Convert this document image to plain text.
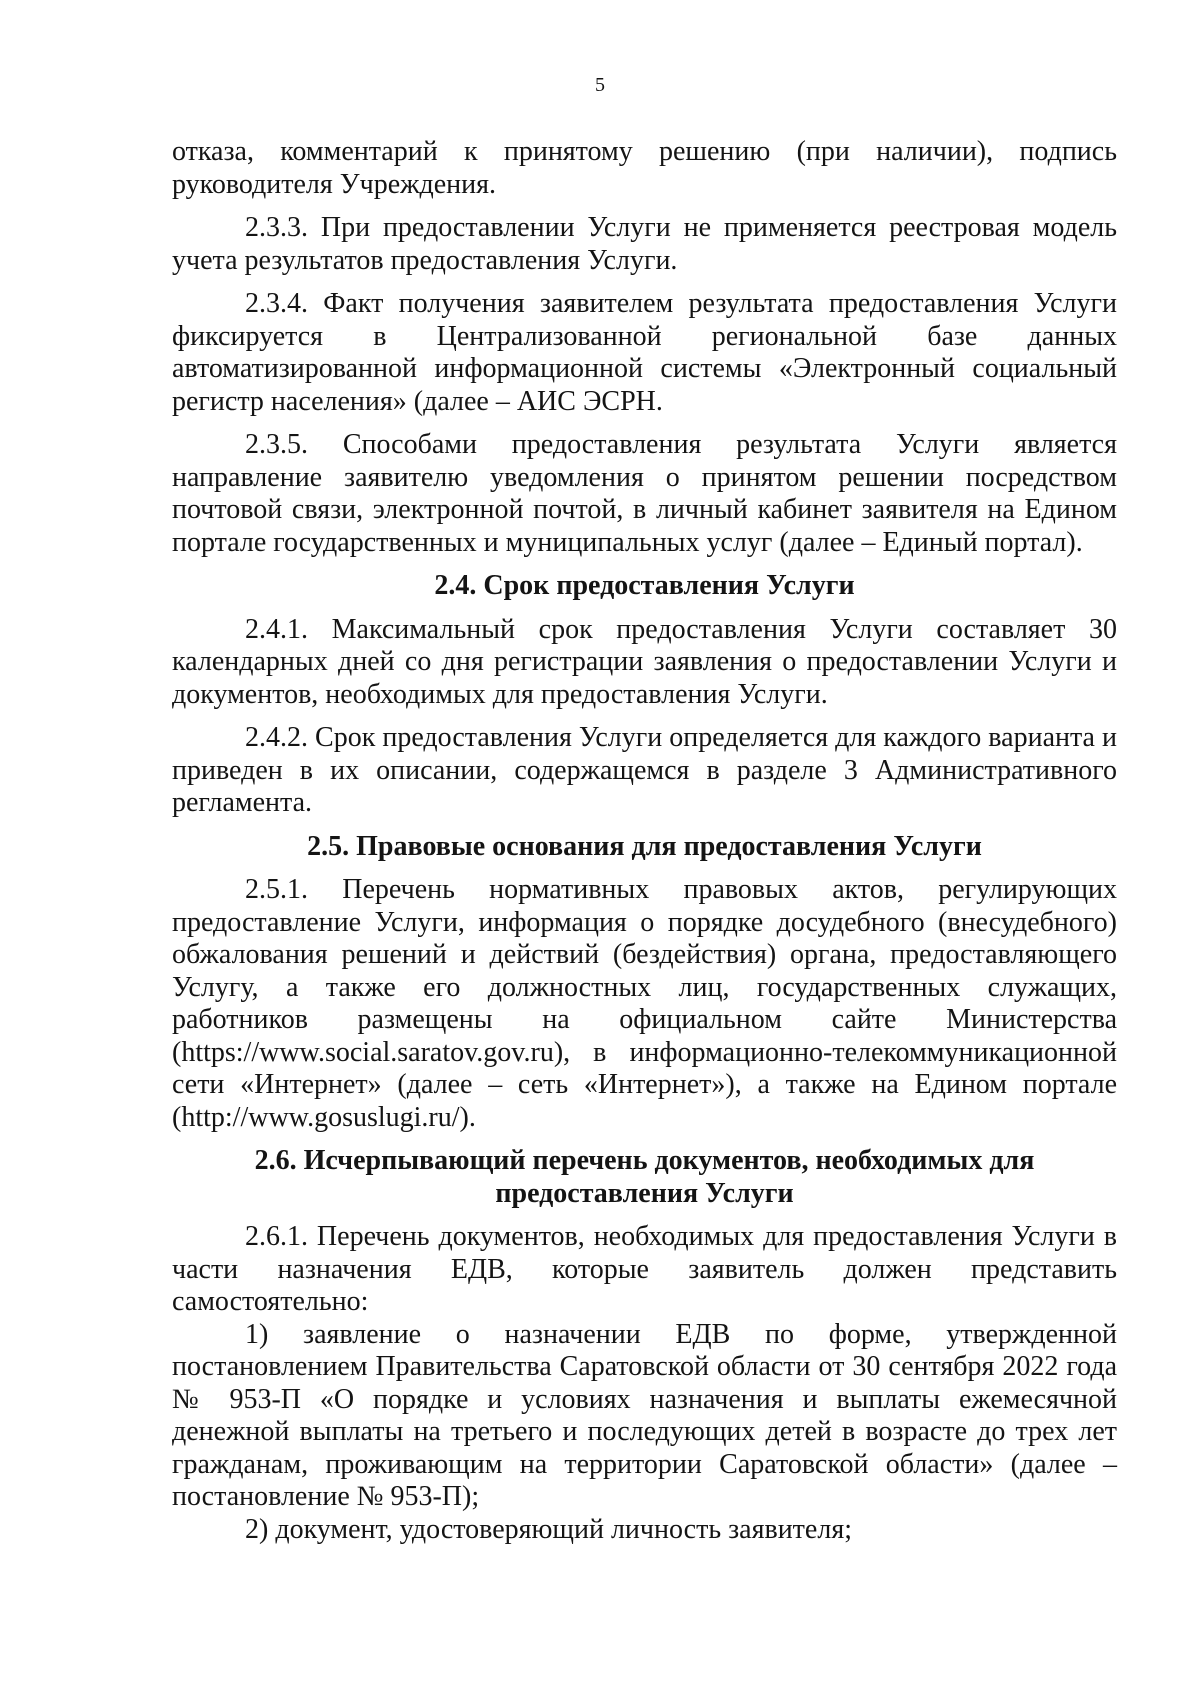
5

отказа, комментарий к принятому решению (при наличии), подпись руководителя Учреждения.

2.3.3. При предоставлении Услуги не применяется реестровая модель учета результатов предоставления Услуги.

2.3.4. Факт получения заявителем результата предоставления Услуги фиксируется в Централизованной региональной базе данных автоматизированной информационной системы «Электронный социальный регистр населения» (далее – АИС ЭСРН.

2.3.5. Способами предоставления результата Услуги является направление заявителю уведомления о принятом решении посредством почтовой связи, электронной почтой, в личный кабинет заявителя на Едином портале государственных и муниципальных услуг (далее – Единый портал).

2.4. Срок предоставления Услуги

2.4.1. Максимальный срок предоставления Услуги составляет 30 календарных дней со дня регистрации заявления о предоставлении Услуги и документов, необходимых для предоставления Услуги.

2.4.2. Срок предоставления Услуги определяется для каждого варианта и приведен в их описании, содержащемся в разделе 3 Административного регламента.

2.5. Правовые основания для предоставления Услуги

2.5.1. Перечень нормативных правовых актов, регулирующих предоставление Услуги, информация о порядке досудебного (внесудебного) обжалования решений и действий (бездействия) органа, предоставляющего Услугу, а также его должностных лиц, государственных служащих, работников размещены на официальном сайте Министерства (https://www.social.saratov.gov.ru), в информационно-телекоммуникационной сети «Интернет» (далее – сеть «Интернет»), а также на Едином портале (http://www.gosuslugi.ru/).

2.6. Исчерпывающий перечень документов, необходимых для
предоставления Услуги

2.6.1. Перечень документов, необходимых для предоставления Услуги в части назначения ЕДВ, которые заявитель должен представить самостоятельно:

1) заявление о назначении ЕДВ по форме, утвержденной постановлением Правительства Саратовской области от 30 сентября 2022 года № 953-П «О порядке и условиях назначения и выплаты ежемесячной денежной выплаты на третьего и последующих детей в возрасте до трех лет гражданам, проживающим на территории Саратовской области» (далее – постановление № 953-П);

2) документ, удостоверяющий личность заявителя;
